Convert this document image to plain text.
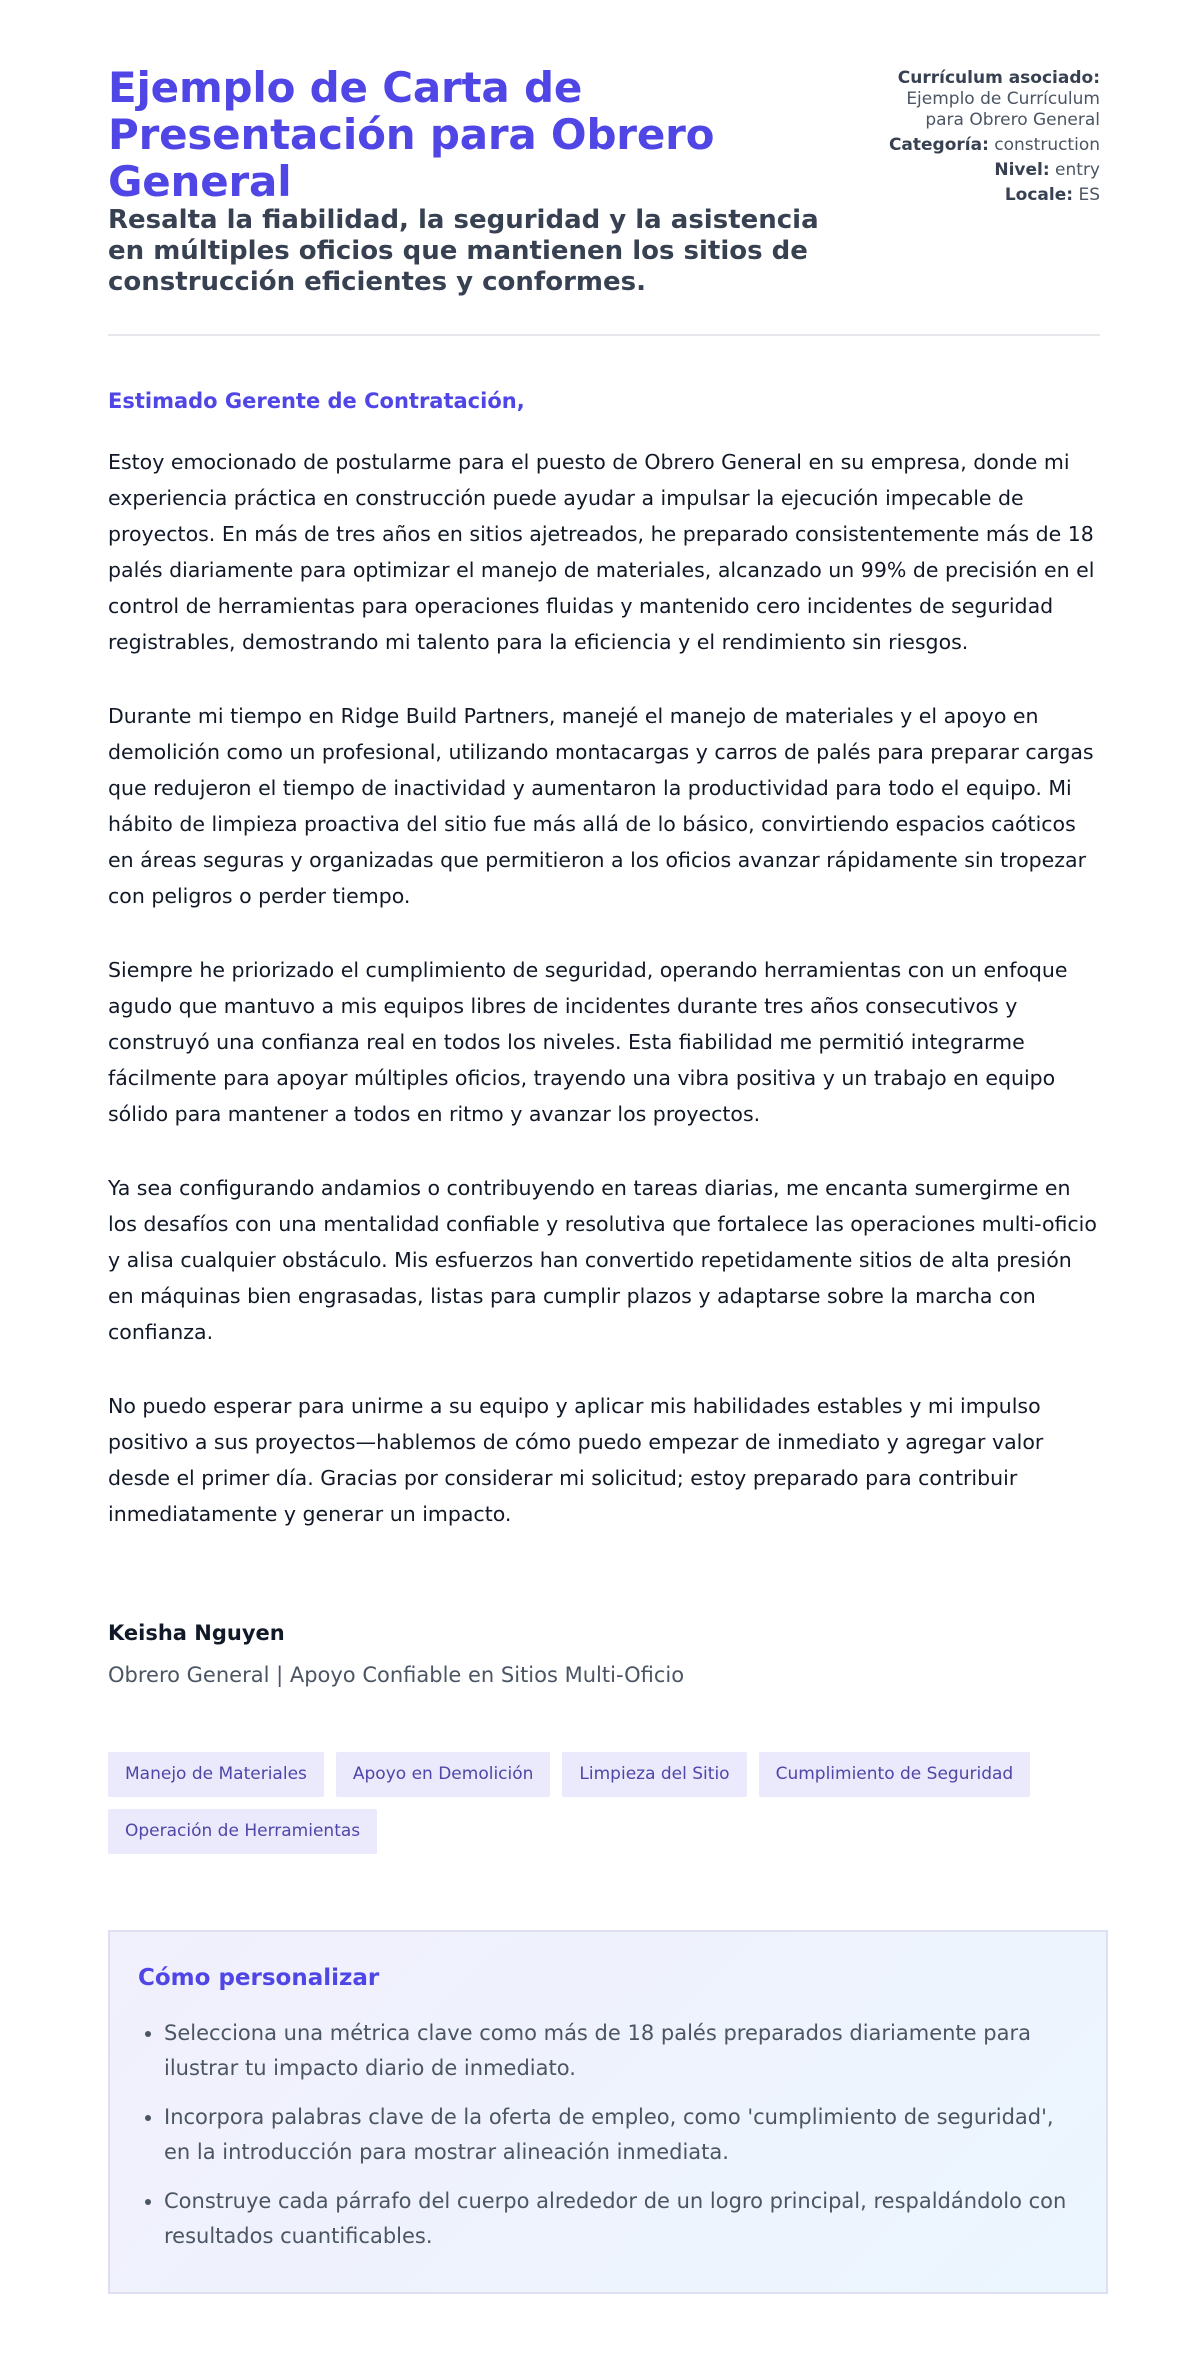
Ejemplo de Carta de Presentación para Obrero General
Resalta la fiabilidad, la seguridad y la asistencia en múltiples oficios que mantienen los sitios de construcción eficientes y conformes.
Currículum asociado:
Ejemplo de Currículum para Obrero General
Categoría: construction
Nivel: entry
Locale: ES
Estimado Gerente de Contratación,

Estoy emocionado de postularme para el puesto de Obrero General en su empresa, donde mi experiencia práctica en construcción puede ayudar a impulsar la ejecución impecable de proyectos. En más de tres años en sitios ajetreados, he preparado consistentemente más de 18 palés diariamente para optimizar el manejo de materiales, alcanzado un 99% de precisión en el control de herramientas para operaciones fluidas y mantenido cero incidentes de seguridad registrables, demostrando mi talento para la eficiencia y el rendimiento sin riesgos.

Durante mi tiempo en Ridge Build Partners, manejé el manejo de materiales y el apoyo en demolición como un profesional, utilizando montacargas y carros de palés para preparar cargas que redujeron el tiempo de inactividad y aumentaron la productividad para todo el equipo. Mi hábito de limpieza proactiva del sitio fue más allá de lo básico, convirtiendo espacios caóticos en áreas seguras y organizadas que permitieron a los oficios avanzar rápidamente sin tropezar con peligros o perder tiempo.

Siempre he priorizado el cumplimiento de seguridad, operando herramientas con un enfoque agudo que mantuvo a mis equipos libres de incidentes durante tres años consecutivos y construyó una confianza real en todos los niveles. Esta fiabilidad me permitió integrarme fácilmente para apoyar múltiples oficios, trayendo una vibra positiva y un trabajo en equipo sólido para mantener a todos en ritmo y avanzar los proyectos.

Ya sea configurando andamios o contribuyendo en tareas diarias, me encanta sumergirme en los desafíos con una mentalidad confiable y resolutiva que fortalece las operaciones multi-oficio y alisa cualquier obstáculo. Mis esfuerzos han convertido repetidamente sitios de alta presión en máquinas bien engrasadas, listas para cumplir plazos y adaptarse sobre la marcha con confianza.

No puedo esperar para unirme a su equipo y aplicar mis habilidades estables y mi impulso positivo a sus proyectos—hablemos de cómo puedo empezar de inmediato y agregar valor desde el primer día. Gracias por considerar mi solicitud; estoy preparado para contribuir inmediatamente y generar un impacto.

Keisha Nguyen
Obrero General | Apoyo Confiable en Sitios Multi-Oficio
Manejo de Materiales	Apoyo en Demolición	Limpieza del Sitio	Cumplimiento de Seguridad
Operación de Herramientas
Cómo personalizar
• Selecciona una métrica clave como más de 18 palés preparados diariamente para ilustrar tu impacto diario de inmediato.
• Incorpora palabras clave de la oferta de empleo, como 'cumplimiento de seguridad', en la introducción para mostrar alineación inmediata.
• Construye cada párrafo del cuerpo alrededor de un logro principal, respaldándolo con resultados cuantificables.
